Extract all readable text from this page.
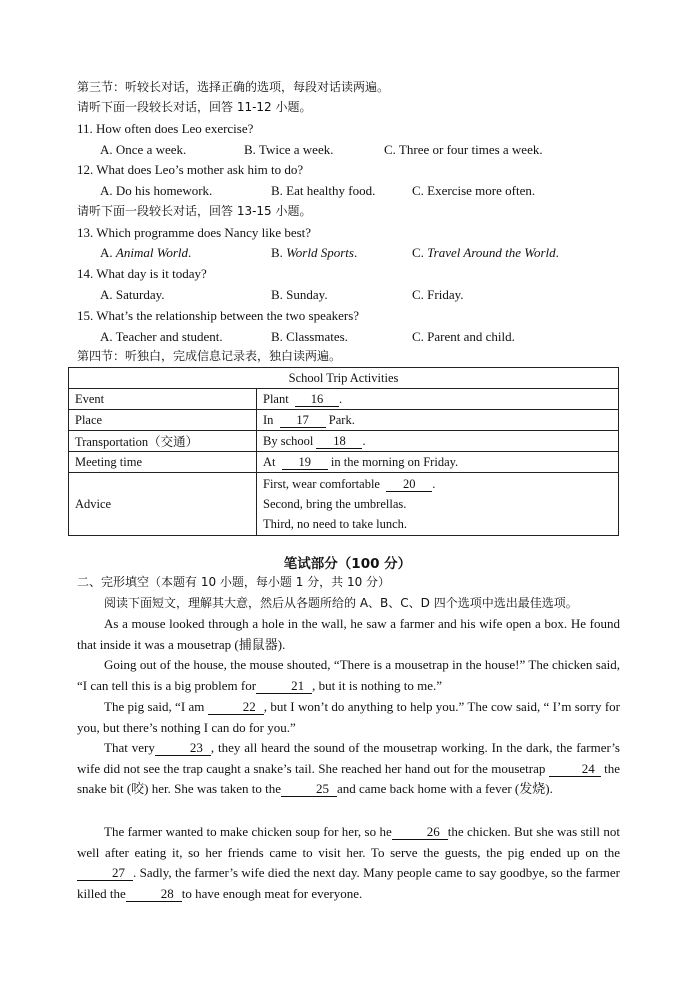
第三节：听较长对话，选择正确的选项，每段对话读两遍。
请听下面一段较长对话，回答 11-12 小题。
11. How often does Leo exercise?
A. Once a week.	B. Twice a week.	C. Three or four times a week.
12. What does Leo’s mother ask him to do?
A. Do his homework.	B. Eat healthy food.	C. Exercise more often.
请听下面一段较长对话，回答 13-15 小题。
13. Which programme does Nancy like best?
A. Animal World.	B. World Sports.	C. Travel Around the World.
14. What day is it today?
A. Saturday.	B. Sunday.	C. Friday.
15. What’s the relationship between the two speakers?
A. Teacher and student.	B. Classmates.	C. Parent and child.
第四节：听独白，完成信息记录表，独白读两遍。
School Trip Activities	
Event	Plant 16 .
Place	In 17 Park.
Transportation（交通）	By school 18 .
Meeting time	At 19 in the morning on Friday.
Advice	First, wear comfortable 20 .
Second, bring the umbrellas.
Third, no need to take lunch.
笔试部分（100 分）
二、完形填空（本题有 10 小题，每小题 1 分，共 10 分）
阅读下面短文，理解其大意，然后从各题所给的 A、B、C、D 四个选项中选出最佳选项。
As a mouse looked through a hole in the wall, he saw a farmer and his wife open a box. He found that inside it was a mousetrap (捕鼠器).
Going out of the house, the mouse shouted, “There is a mousetrap in the house!” The chicken said, “I can tell this is a big problem for	21 , but it is nothing to me.”
The pig said, “I am	22 , but I won’t do anything to help you.” The cow said, “ I’m sorry for you, but there’s nothing I can do for you.”
That very	23 , they all heard the sound of the mousetrap working. In the dark, the farmer’s wife did not see the trap caught a snake’s tail. She reached her hand out for the mousetrap	24 the snake bit (咬) her. She was taken to the	25 and came back home with a fever (发烧).
The farmer wanted to make chicken soup for her, so he	26 the chicken. But she was still not well after eating it, so her friends came to visit her. To serve the guests, the pig ended up on the27 . Sadly, the farmer’s wife died the next day. Many people came to say goodbye, so the farmer killed the	28 to have enough meat for everyone.
